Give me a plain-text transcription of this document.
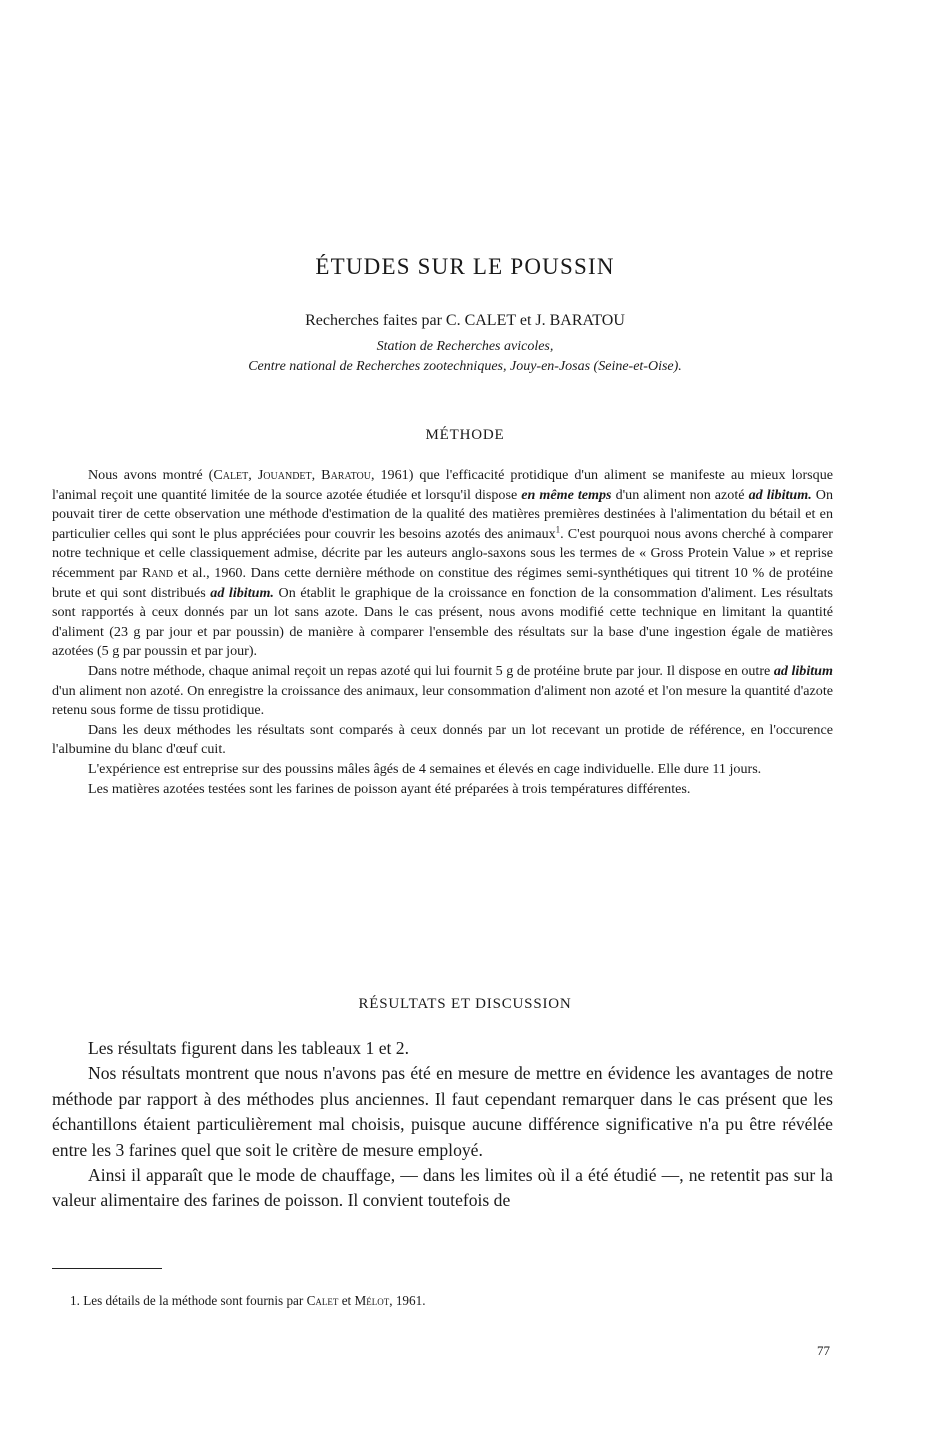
ÉTUDES SUR LE POUSSIN
Recherches faites par C. CALET et J. BARATOU
Station de Recherches avicoles,
Centre national de Recherches zootechniques, Jouy-en-Josas (Seine-et-Oise).
MÉTHODE

Nous avons montré (Calet, Jouandet, Baratou, 1961) que l'efficacité protidique d'un aliment se manifeste au mieux lorsque l'animal reçoit une quantité limitée de la source azotée étudiée et lorsqu'il dispose en même temps d'un aliment non azoté ad libitum. On pouvait tirer de cette observation une méthode d'estimation de la qualité des matières premières destinées à l'alimentation du bétail et en particulier celles qui sont le plus appréciées pour couvrir les besoins azotés des animaux$^1$. C'est pourquoi nous avons cherché à comparer notre technique et celle classiquement admise, décrite par les auteurs anglo-saxons sous les termes de « Gross Protein Value » et reprise récemment par Rand et al., 1960. Dans cette dernière méthode on constitue des régimes semi-synthétiques qui titrent 10 % de protéine brute et qui sont distribués ad libitum. On établit le graphique de la croissance en fonction de la consommation d'aliment. Les résultats sont rapportés à ceux donnés par un lot sans azote. Dans le cas présent, nous avons modifié cette technique en limitant la quantité d'aliment (23 g par jour et par poussin) de manière à comparer l'ensemble des résultats sur la base d'une ingestion égale de matières azotées (5 g par poussin et par jour).

Dans notre méthode, chaque animal reçoit un repas azoté qui lui fournit 5 g de protéine brute par jour. Il dispose en outre ad libitum d'un aliment non azoté. On enregistre la croissance des animaux, leur consommation d'aliment non azoté et l'on mesure la quantité d'azote retenu sous forme de tissu protidique.

Dans les deux méthodes les résultats sont comparés à ceux donnés par un lot recevant un protide de référence, en l'occurence l'albumine du blanc d'œuf cuit.

L'expérience est entreprise sur des poussins mâles âgés de 4 semaines et élevés en cage individuelle. Elle dure 11 jours.

Les matières azotées testées sont les farines de poisson ayant été préparées à trois températures différentes.

RÉSULTATS ET DISCUSSION

Les résultats figurent dans les tableaux 1 et 2.

Nos résultats montrent que nous n'avons pas été en mesure de mettre en évidence les avantages de notre méthode par rapport à des méthodes plus anciennes. Il faut cependant remarquer dans le cas présent que les échantillons étaient particulièrement mal choisis, puisque aucune différence significative n'a pu être révélée entre les 3 farines quel que soit le critère de mesure employé.

Ainsi il apparaît que le mode de chauffage, — dans les limites où il a été étudié —, ne retentit pas sur la valeur alimentaire des farines de poisson. Il convient toutefois de

1. Les détails de la méthode sont fournis par Calet et Mélot, 1961.
77
